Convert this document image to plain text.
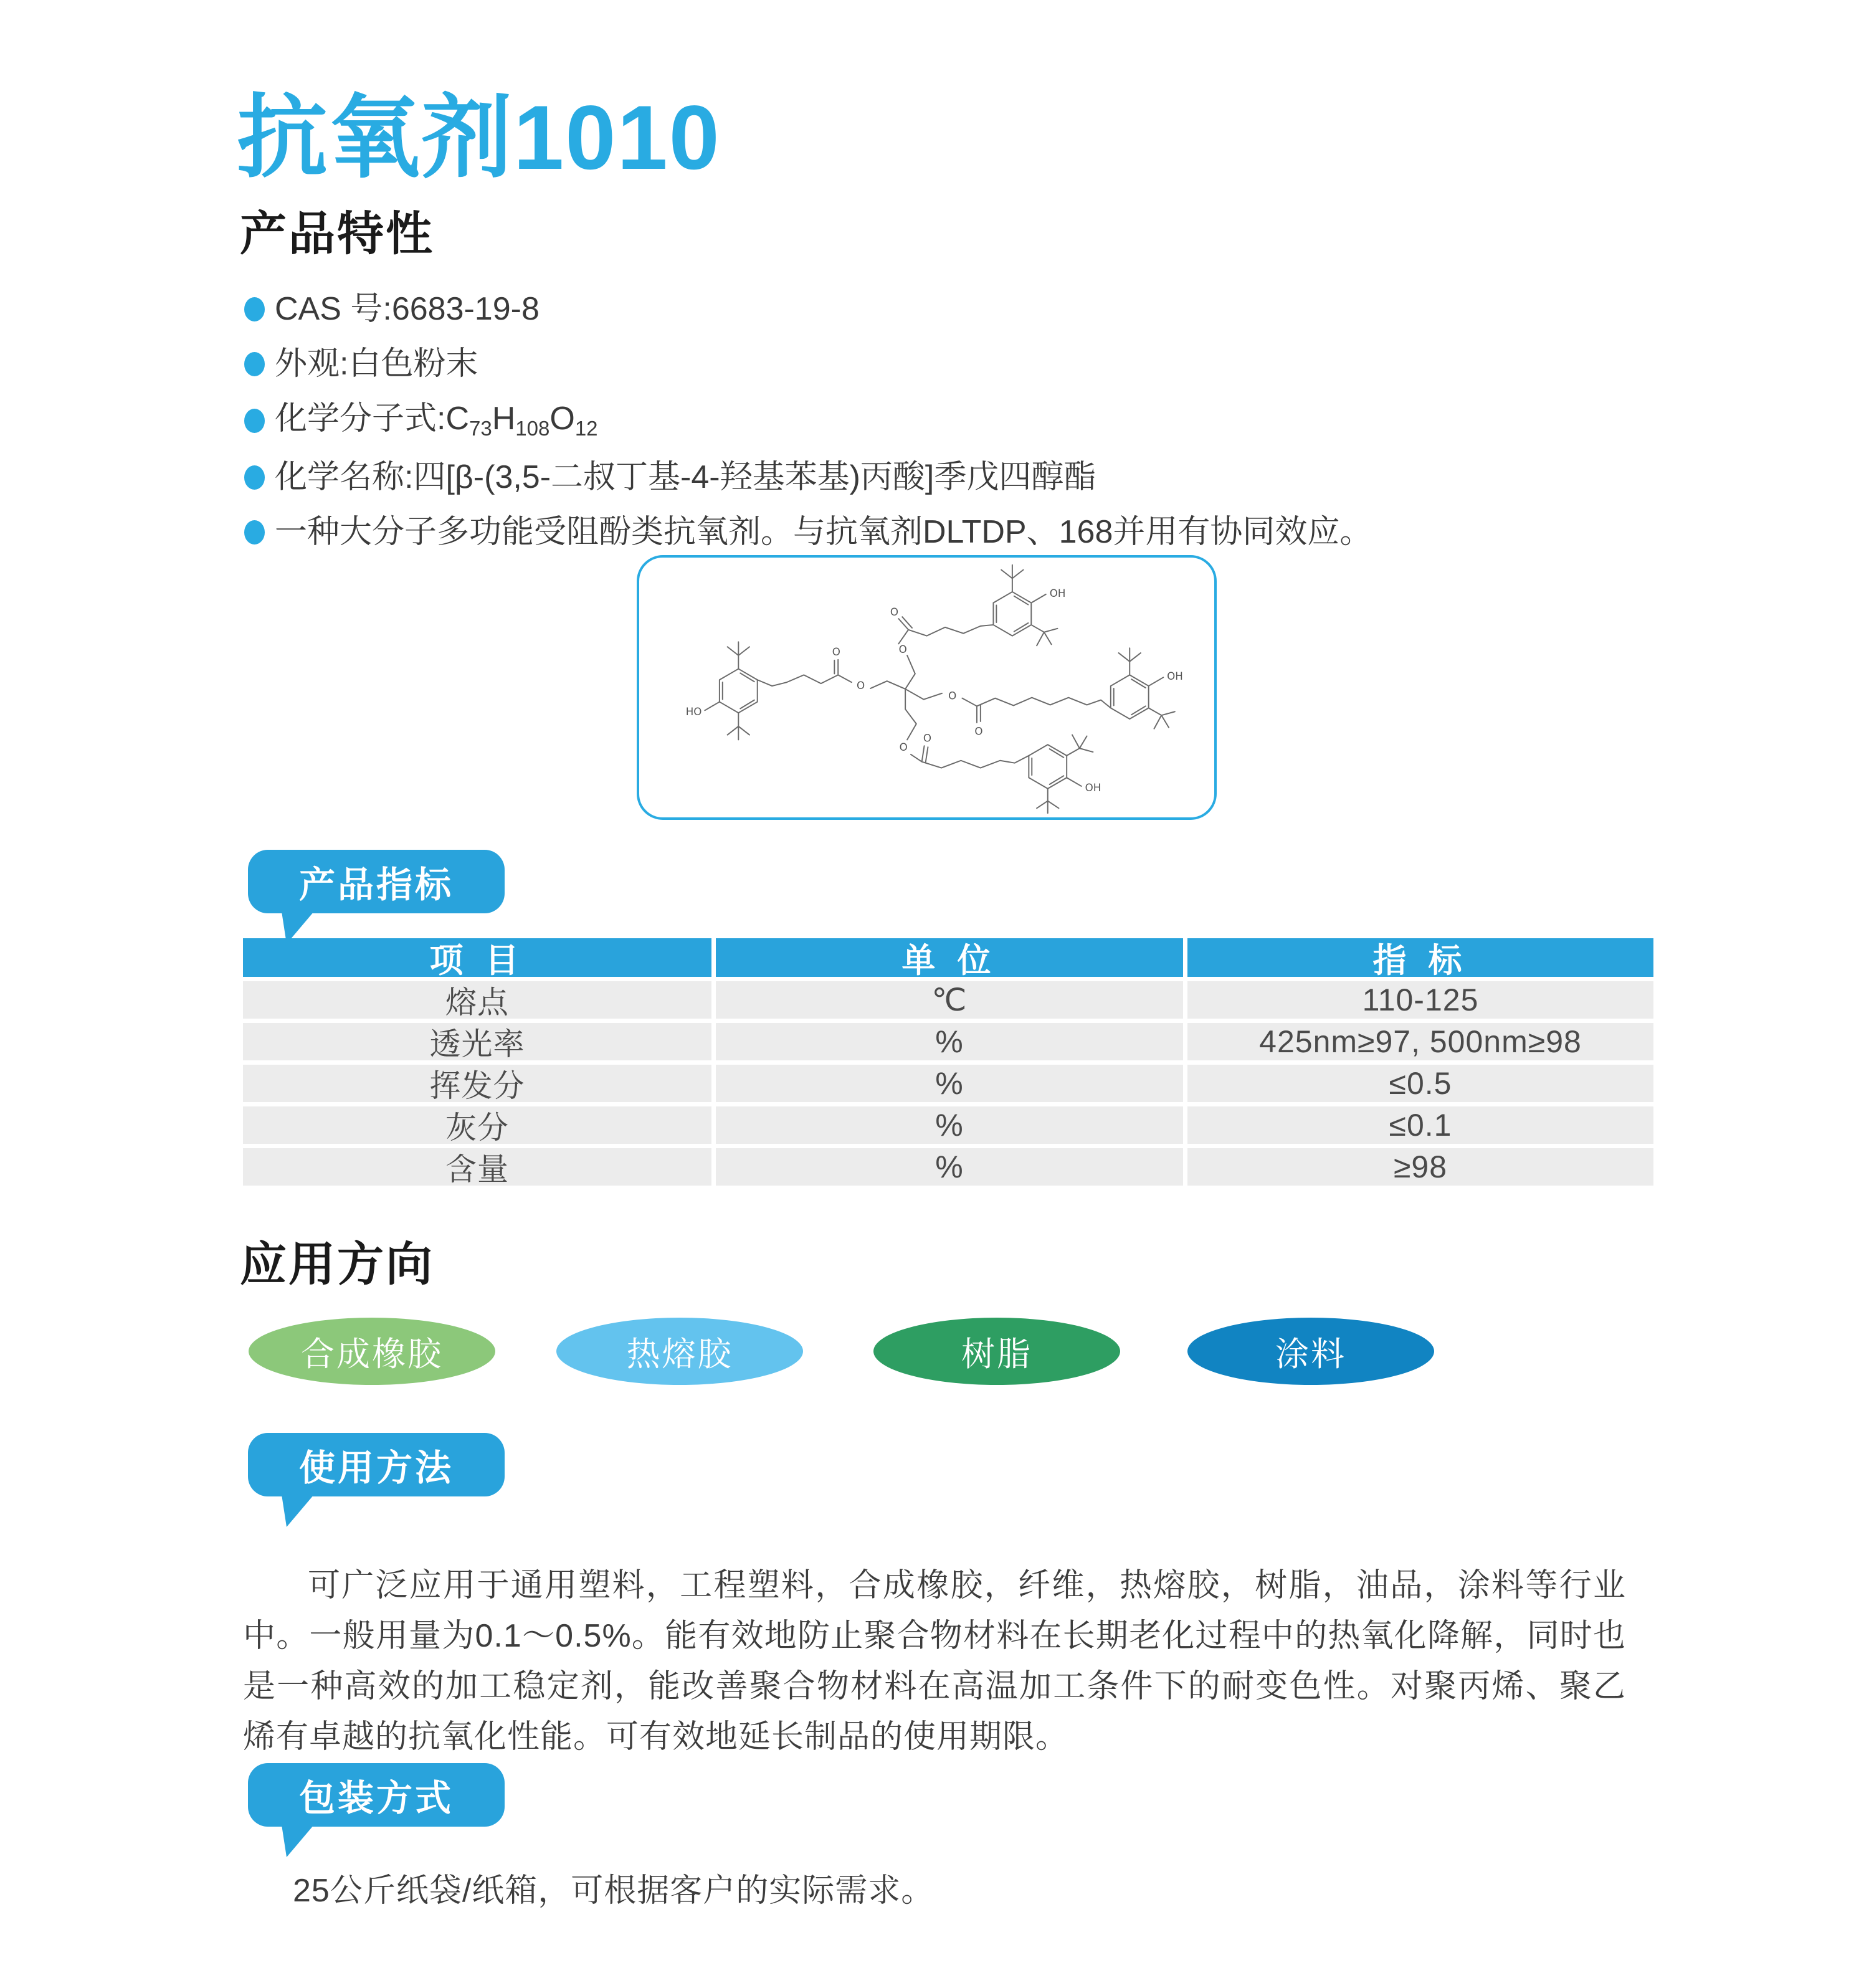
抗氧剂1010
产品特性
CAS 号:6683-19-8
外观:白色粉末
化学分子式$:C_{73}H_{108}O_{12}$
化学名称:四[β-(3,5-二叔丁基-4-羟基苯基)丙酸]季戊四醇酯
一种大分子多功能受阻酚类抗氧剂。与抗氧剂DLTDP、168并用有协同效应。
O
O
O
O
O
O
O
O
OH
OH
HO
OH
产品指标
项 目	单 位	指 标
熔点	℃	110-125
透光率	%	425nm≥97, 500nm≥98
挥发分	%	≤0.5
灰分	%	≤0.1
含量	%	≥98
应用方向
合成橡胶	热熔胶	树脂	涂料
使用方法
可广泛应用于通用塑料，工程塑料，合成橡胶，纤维，热熔胶，树脂，油品，涂料等行业中。一般用量为0.1～0.5%。能有效地防止聚合物材料在长期老化过程中的热氧化降解，同时也是一种高效的加工稳定剂，能改善聚合物材料在高温加工条件下的耐变色性。对聚丙烯、聚乙烯有卓越的抗氧化性能。可有效地延长制品的使用期限。
包装方式
25公斤纸袋/纸箱，可根据客户的实际需求。
